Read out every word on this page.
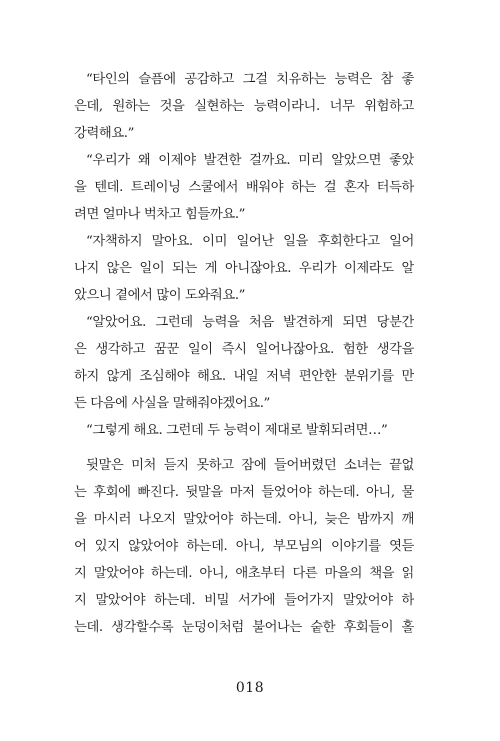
“타인의 슬픔에 공감하고 그걸 치유하는 능력은 참 좋
은데, 원하는 것을 실현하는 능력이라니. 너무 위험하고
강력해요.”
“우리가 왜 이제야 발견한 걸까요. 미리 알았으면 좋았
을 텐데. 트레이닝 스쿨에서 배워야 하는 걸 혼자 터득하
려면 얼마나 벅차고 힘들까요.”
“자책하지 말아요. 이미 일어난 일을 후회한다고 일어
나지 않은 일이 되는 게 아니잖아요. 우리가 이제라도 알
았으니 곁에서 많이 도와줘요.”
“알았어요. 그런데 능력을 처음 발견하게 되면 당분간
은 생각하고 꿈꾼 일이 즉시 일어나잖아요. 험한 생각을
하지 않게 조심해야 해요. 내일 저녁 편안한 분위기를 만
든 다음에 사실을 말해줘야겠어요.”
“그렇게 해요. 그런데 두 능력이 제대로 발휘되려면…”
뒷말은 미처 듣지 못하고 잠에 들어버렸던 소녀는 끝없
는 후회에 빠진다. 뒷말을 마저 들었어야 하는데. 아니, 물
을 마시러 나오지 말았어야 하는데. 아니, 늦은 밤까지 깨
어 있지 않았어야 하는데. 아니, 부모님의 이야기를 엿듣
지 말았어야 하는데. 아니, 애초부터 다른 마을의 책을 읽
지 말았어야 하는데. 비밀 서가에 들어가지 말았어야 하
는데. 생각할수록 눈덩이처럼 불어나는 숱한 후회들이 홀
018
